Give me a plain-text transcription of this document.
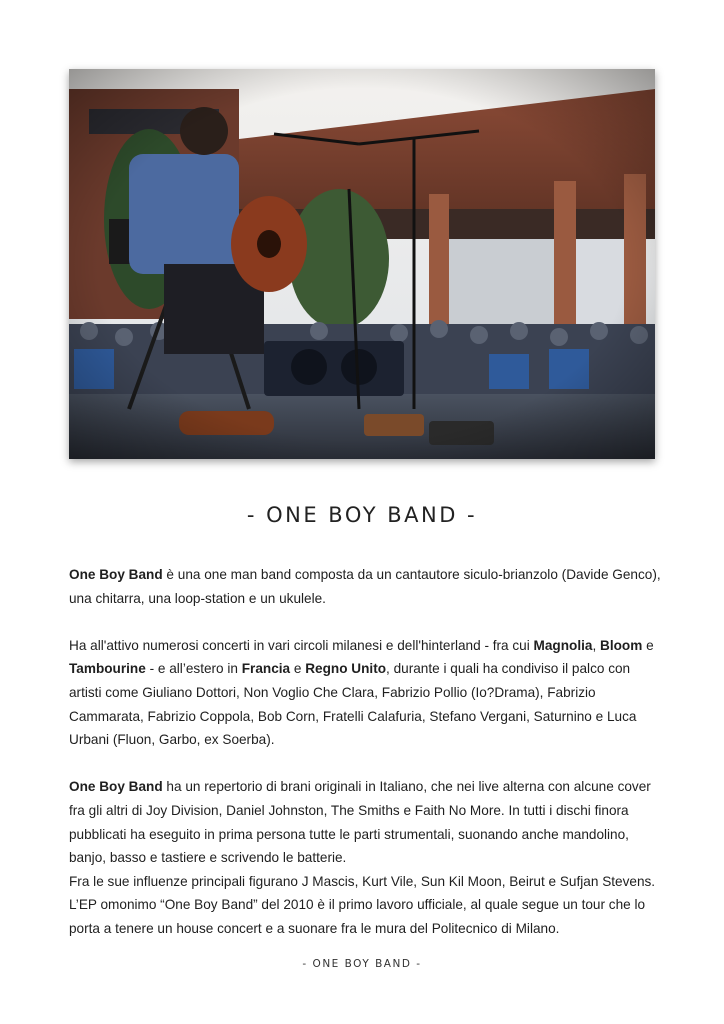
- ONE BOY BAND -

One Boy Band è una one man band composta da un cantautore siculo-brianzolo (Davide Genco), una chitarra, una loop-station e un ukulele.

Ha all'attivo numerosi concerti in vari circoli milanesi e dell'hinterland - fra cui Magnolia, Bloom e Tambourine - e all’estero in Francia e Regno Unito, durante i quali ha condiviso il palco con artisti come Giuliano Dottori, Non Voglio Che Clara, Fabrizio Pollio (Io?Drama), Fabrizio Cammarata, Fabrizio Coppola, Bob Corn, Fratelli Calafuria, Stefano Vergani, Saturnino e Luca Urbani (Fluon, Garbo, ex Soerba).

One Boy Band ha un repertorio di brani originali in Italiano, che nei live alterna con alcune cover fra gli altri di Joy Division, Daniel Johnston, The Smiths e Faith No More. In tutti i dischi finora pubblicati ha eseguito in prima persona tutte le parti strumentali, suonando anche mandolino, banjo, basso e tastiere e scrivendo le batterie.

Fra le sue influenze principali figurano J Mascis, Kurt Vile, Sun Kil Moon, Beirut e Sufjan Stevens.

L’EP omonimo “One Boy Band” del 2010 è il primo lavoro ufficiale, al quale segue un tour che lo porta a tenere un house concert e a suonare fra le mura del Politecnico di Milano.

- ONE BOY BAND -
